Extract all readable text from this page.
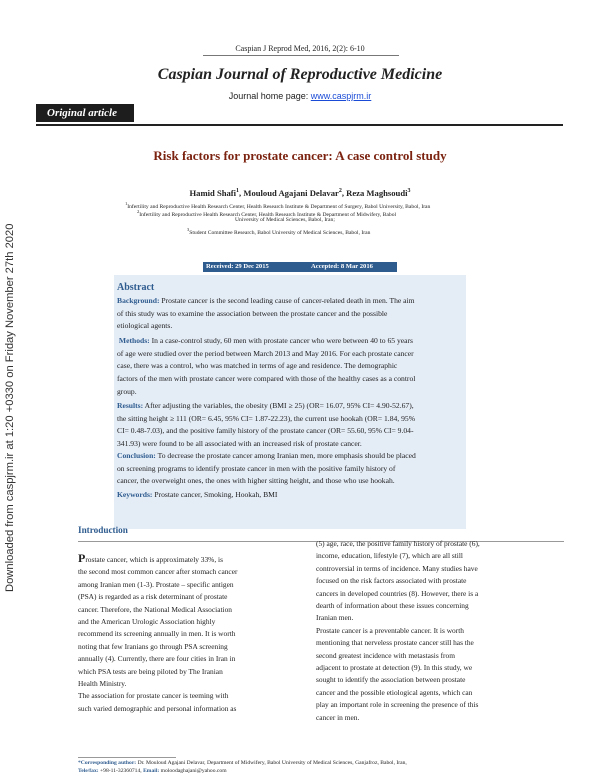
Downloaded from caspjrm.ir at 1:20 +0330 on Friday November 27th 2020
Caspian J Reprod Med, 2016, 2(2): 6-10
Caspian Journal of Reproductive Medicine
Journal home page: www.caspjrm.ir
Original article
Risk factors for prostate cancer: A case control study
Hamid Shafi$^1$, Mouloud Agajani Delavar$^2$, Reza Maghsoudi$^3$
$^1$Infertility and Reproductive Health Research Center, Health Research Institute & Department of Surgery, Babol University, Babol, Iran
$^2$Infertility and Reproductive Health Research Center, Health Research Institute & Department of Midwifery, Babol
University of Medical Sciences, Babol, Iran;
$^3$Student Committee Research, Babol University of Medical Sciences, Babol, Iran
Received: 29 Dec 2015	Accepted: 8 Mar 2016
Abstract
Background: Prostate cancer is the second leading cause of cancer-related death in men. The aim
of this study was to examine the association between the prostate cancer and the possible
etiological agents.
Methods: In a case-control study, 60 men with prostate cancer who were between 40 to 65 years
of age were studied over the period between March 2013 and May 2016. For each prostate cancer
case, there was a control, who was matched in terms of age and residence. The demographic
factors of the men with prostate cancer were compared with those of the healthy cases as a control
group.
Results: After adjusting the variables, the obesity (BMI ≥ 25) (OR= 16.07, 95% CI= 4.90-52.67),
the sitting height ≥ 111 (OR= 6.45, 95% CI= 1.87-22.23), the current use hookah (OR= 1.84, 95%
CI= 0.48-7.03), and the positive family history of the prostate cancer (OR= 55.60, 95% CI= 9.04-
341.93) were found to be all associated with an increased risk of prostate cancer.
Conclusion: To decrease the prostate cancer among Iranian men, more emphasis should be placed
on screening programs to identify prostate cancer in men with the positive family history of
cancer, the overweight ones, the ones with higher sitting height, and those who use hookah.
Keywords: Prostate cancer, Smoking, Hookah, BMI
Introduction
Prostate cancer, which is approximately 33%, is
the second most common cancer after stomach cancer
among Iranian men (1-3). Prostate – specific antigen
(PSA) is regarded as a risk determinant of prostate
cancer. Therefore, the National Medical Association
and the American Urologic Association highly
recommend its screening annually in men. It is worth
noting that few Iranians go through PSA screening
annually (4). Currently, there are four cities in Iran in
which PSA tests are being piloted by The Iranian
Health Ministry.
The association for prostate cancer is teeming with
such varied demographic and personal information as
(5) age, race, the positive family history of prostate (6),
income, education, lifestyle (7), which are all still
controversial in terms of incidence. Many studies have
focused on the risk factors associated with prostate
cancers in developed countries (8). However, there is a
dearth of information about these issues concerning
Iranian men.
Prostate cancer is a preventable cancer. It is worth
mentioning that nerveless prostate cancer still has the
second greatest incidence with metastasis from
adjacent to prostate at detection (9). In this study, we
sought to identify the association between prostate
cancer and the possible etiological agents, which can
play an important role in screening the presence of this
cancer in men.
*Corresponding author: Dr. Mouloud Agajani Delavar, Department of Midwifery, Babol University of Medical Sciences, Ganjafroz, Babol, Iran,
Tele/fax: +98-11-32360714, Email: moloodaghajani@yahoo.com
